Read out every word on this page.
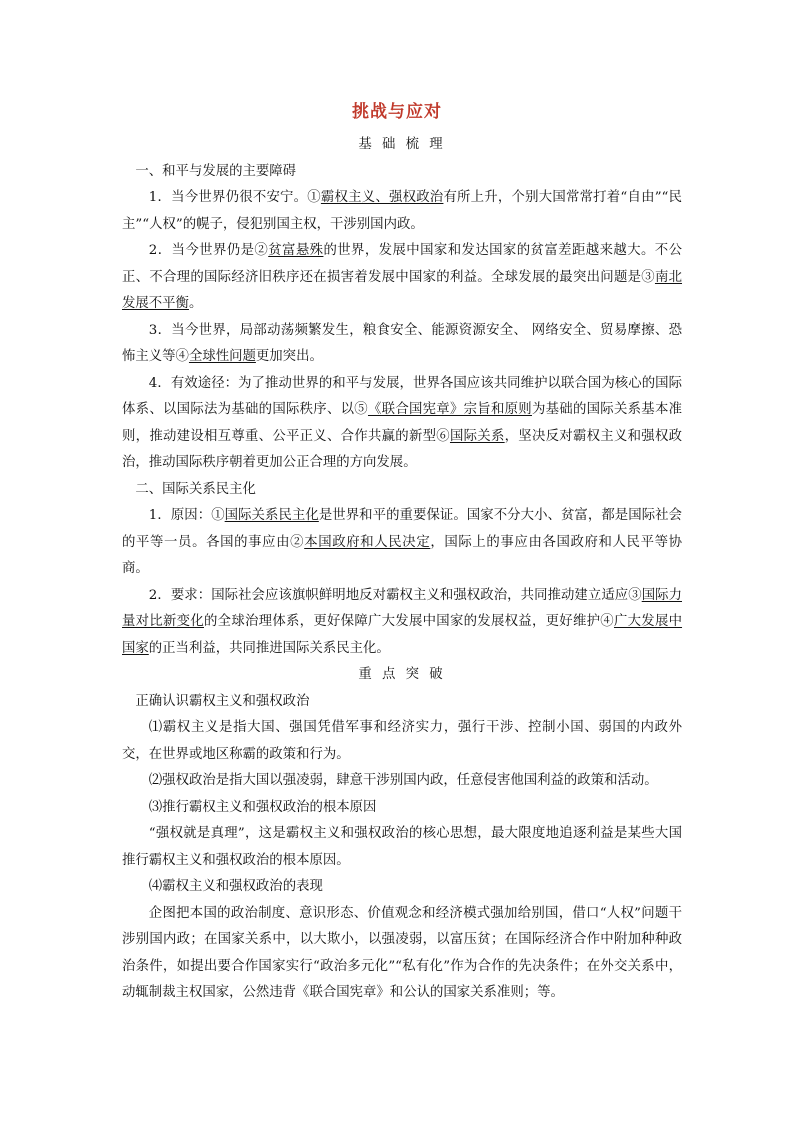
挑战与应对

基 础 梳 理

一、和平与发展的主要障碍

1．当今世界仍很不安宁。①霸权主义、强权政治有所上升，个别大国常常打着“自由”“民主”“人权”的幌子，侵犯别国主权，干涉别国内政。

2．当今世界仍是②贫富悬殊的世界，发展中国家和发达国家的贫富差距越来越大。不公正、不合理的国际经济旧秩序还在损害着发展中国家的利益。全球发展的最突出问题是③南北发展不平衡。

3．当今世界，局部动荡频繁发生，粮食安全、能源资源安全、 网络安全、贸易摩擦、恐怖主义等④全球性问题更加突出。

4．有效途径：为了推动世界的和平与发展，世界各国应该共同维护以联合国为核心的国际体系、以国际法为基础的国际秩序、以⑤《联合国宪章》宗旨和原则为基础的国际关系基本准则，推动建设相互尊重、公平正义、合作共赢的新型⑥国际关系，坚决反对霸权主义和强权政治，推动国际秩序朝着更加公正合理的方向发展。

二、国际关系民主化

1．原因：①国际关系民主化是世界和平的重要保证。国家不分大小、贫富，都是国际社会的平等一员。各国的事应由②本国政府和人民决定，国际上的事应由各国政府和人民平等协商。

2．要求：国际社会应该旗帜鲜明地反对霸权主义和强权政治，共同推动建立适应③国际力量对比新变化的全球治理体系，更好保障广大发展中国家的发展权益，更好维护④广大发展中国家的正当利益，共同推进国际关系民主化。

重 点 突 破

正确认识霸权主义和强权政治

⑴霸权主义是指大国、强国凭借军事和经济实力，强行干涉、控制小国、弱国的内政外交，在世界或地区称霸的政策和行为。

⑵强权政治是指大国以强凌弱，肆意干涉别国内政，任意侵害他国利益的政策和活动。

⑶推行霸权主义和强权政治的根本原因

“强权就是真理”，这是霸权主义和强权政治的核心思想，最大限度地追逐利益是某些大国推行霸权主义和强权政治的根本原因。

⑷霸权主义和强权政治的表现

企图把本国的政治制度、意识形态、价值观念和经济模式强加给别国，借口“人权”问题干涉别国内政；在国家关系中，以大欺小，以强凌弱，以富压贫；在国际经济合作中附加种种政治条件，如提出要合作国家实行“政治多元化”“私有化”作为合作的先决条件；在外交关系中，动辄制裁主权国家，公然违背《联合国宪章》和公认的国家关系准则；等。
